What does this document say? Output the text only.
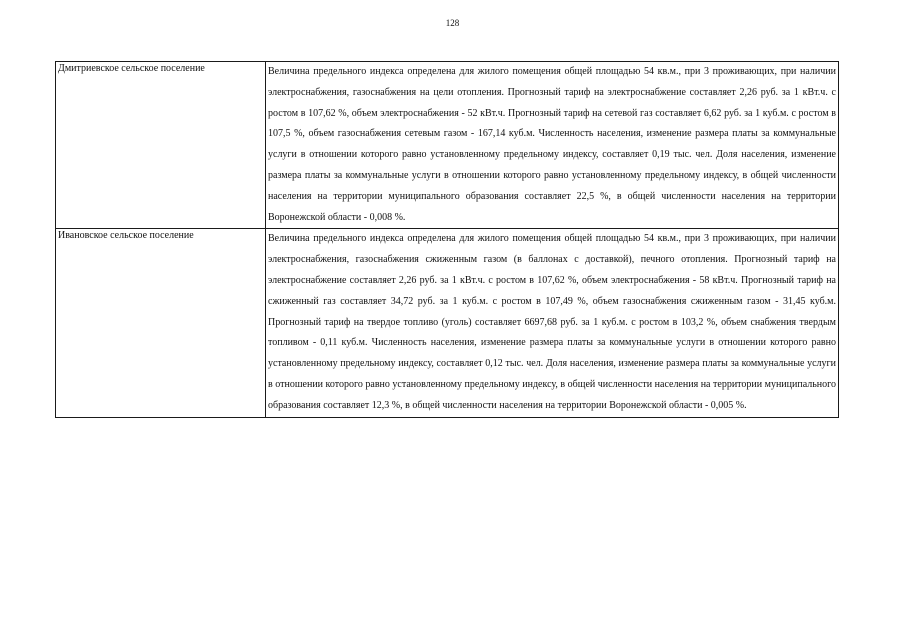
128
Дмитриевское сельское поселение	Величина предельного индекса определена для жилого помещения общей площадью 54 кв.м., при 3 проживающих, при наличии электроснабжения, газоснабжения на цели отопления. Прогнозный тариф на электроснабжение составляет 2,26 руб. за 1 кВт.ч. с ростом в 107,62 %, объем электроснабжения - 52 кВт.ч. Прогнозный тариф на сетевой газ составляет 6,62 руб. за 1 куб.м. с ростом в 107,5 %, объем газоснабжения сетевым газом - 167,14 куб.м. Численность населения, изменение размера платы за коммунальные услуги в отношении которого равно установленному предельному индексу, составляет 0,19 тыс. чел. Доля населения, изменение размера платы за коммунальные услуги в отношении которого равно установленному предельному индексу, в общей численности населения на территории муниципального образования составляет 22,5 %, в общей численности населения на территории Воронежской области - 0,008 %.
Ивановское сельское поселение	Величина предельного индекса определена для жилого помещения общей площадью 54 кв.м., при 3 проживающих, при наличии электроснабжения, газоснабжения сжиженным газом (в баллонах с доставкой), печного отопления. Прогнозный тариф на электроснабжение составляет 2,26 руб. за 1 кВт.ч. с ростом в 107,62 %, объем электроснабжения - 58 кВт.ч. Прогнозный тариф на сжиженный газ составляет 34,72 руб. за 1 куб.м. с ростом в 107,49 %, объем газоснабжения сжиженным газом - 31,45 куб.м. Прогнозный тариф на твердое топливо (уголь) составляет 6697,68 руб. за 1 куб.м. с ростом в 103,2 %, объем снабжения твердым топливом - 0,11 куб.м. Численность населения, изменение размера платы за коммунальные услуги в отношении которого равно установленному предельному индексу, составляет 0,12 тыс. чел. Доля населения, изменение размера платы за коммунальные услуги в отношении которого равно установленному предельному индексу, в общей численности населения на территории муниципального образования составляет 12,3 %, в общей численности населения на территории Воронежской области - 0,005 %.
